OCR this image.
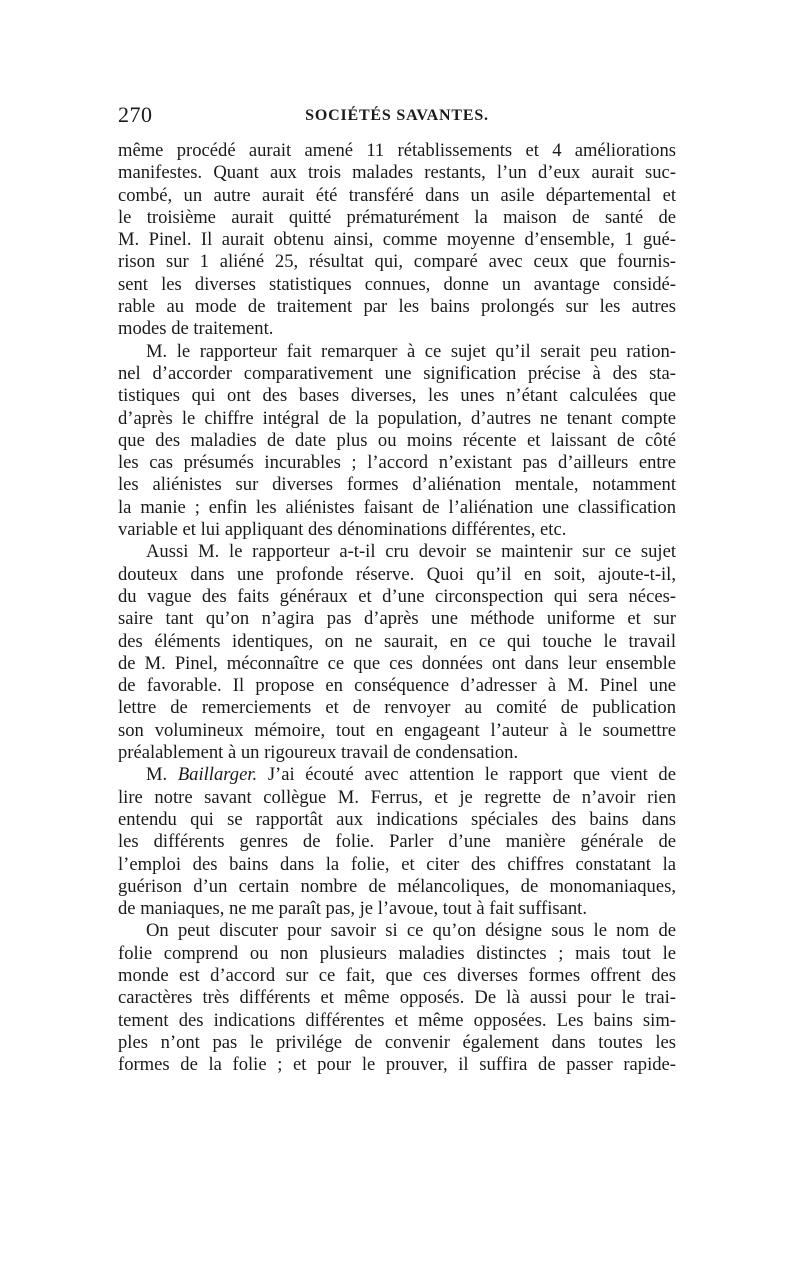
270	SOCIÉTÉS SAVANTES.
même procédé aurait amené 11 rétablissements et 4 améliorations
manifestes. Quant aux trois malades restants, l’un d’eux aurait suc-
combé, un autre aurait été transféré dans un asile départemental et
le troisième aurait quitté prématurément la maison de santé de
M. Pinel. Il aurait obtenu ainsi, comme moyenne d’ensemble, 1 gué-
rison sur 1 aliéné 25, résultat qui, comparé avec ceux que fournis-
sent les diverses statistiques connues, donne un avantage considé-
rable au mode de traitement par les bains prolongés sur les autres
modes de traitement.
M. le rapporteur fait remarquer à ce sujet qu’il serait peu ration-
nel d’accorder comparativement une signification précise à des sta-
tistiques qui ont des bases diverses, les unes n’étant calculées que
d’après le chiffre intégral de la population, d’autres ne tenant compte
que des maladies de date plus ou moins récente et laissant de côté
les cas présumés incurables ; l’accord n’existant pas d’ailleurs entre
les aliénistes sur diverses formes d’aliénation mentale, notamment
la manie ; enfin les aliénistes faisant de l’aliénation une classification
variable et lui appliquant des dénominations différentes, etc.
Aussi M. le rapporteur a-t-il cru devoir se maintenir sur ce sujet
douteux dans une profonde réserve. Quoi qu’il en soit, ajoute-t-il,
du vague des faits généraux et d’une circonspection qui sera néces-
saire tant qu’on n’agira pas d’après une méthode uniforme et sur
des éléments identiques, on ne saurait, en ce qui touche le travail
de M. Pinel, méconnaître ce que ces données ont dans leur ensemble
de favorable. Il propose en conséquence d’adresser à M. Pinel une
lettre de remerciements et de renvoyer au comité de publication
son volumineux mémoire, tout en engageant l’auteur à le soumettre
préalablement à un rigoureux travail de condensation.
M. Baillarger. J’ai écouté avec attention le rapport que vient de
lire notre savant collègue M. Ferrus, et je regrette de n’avoir rien
entendu qui se rapportât aux indications spéciales des bains dans
les différents genres de folie. Parler d’une manière générale de
l’emploi des bains dans la folie, et citer des chiffres constatant la
guérison d’un certain nombre de mélancoliques, de monomaniaques,
de maniaques, ne me paraît pas, je l’avoue, tout à fait suffisant.
On peut discuter pour savoir si ce qu’on désigne sous le nom de
folie comprend ou non plusieurs maladies distinctes ; mais tout le
monde est d’accord sur ce fait, que ces diverses formes offrent des
caractères très différents et même opposés. De là aussi pour le trai-
tement des indications différentes et même opposées. Les bains sim-
ples n’ont pas le privilége de convenir également dans toutes les
formes de la folie ; et pour le prouver, il suffira de passer rapide-
